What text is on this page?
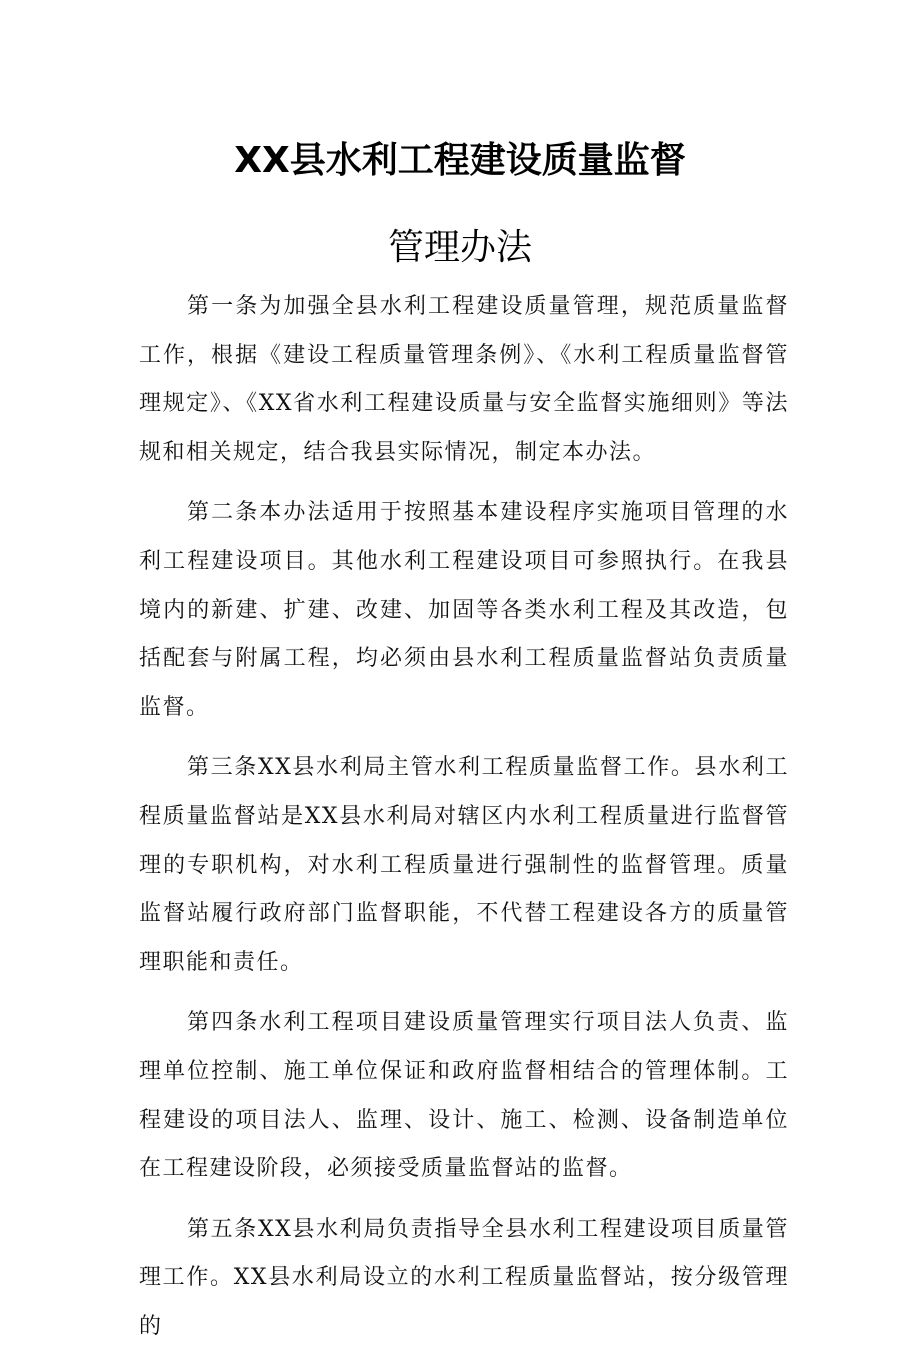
XX县水利工程建设质量监督
管理办法

第一条为加强全县水利工程建设质量管理，规范质量监督工作，根据《建设工程质量管理条例》、《水利工程质量监督管理规定》、《XX省水利工程建设质量与安全监督实施细则》等法规和相关规定，结合我县实际情况，制定本办法。

第二条本办法适用于按照基本建设程序实施项目管理的水利工程建设项目。其他水利工程建设项目可参照执行。在我县境内的新建、扩建、改建、加固等各类水利工程及其改造，包括配套与附属工程，均必须由县水利工程质量监督站负责质量监督。

第三条XX县水利局主管水利工程质量监督工作。县水利工程质量监督站是XX县水利局对辖区内水利工程质量进行监督管理的专职机构，对水利工程质量进行强制性的监督管理。质量监督站履行政府部门监督职能，不代替工程建设各方的质量管理职能和责任。

第四条水利工程项目建设质量管理实行项目法人负责、监理单位控制、施工单位保证和政府监督相结合的管理体制。工程建设的项目法人、监理、设计、施工、检测、设备制造单位在工程建设阶段，必须接受质量监督站的监督。

第五条XX县水利局负责指导全县水利工程建设项目质量管理工作。XX县水利局设立的水利工程质量监督站，按分级管理的
